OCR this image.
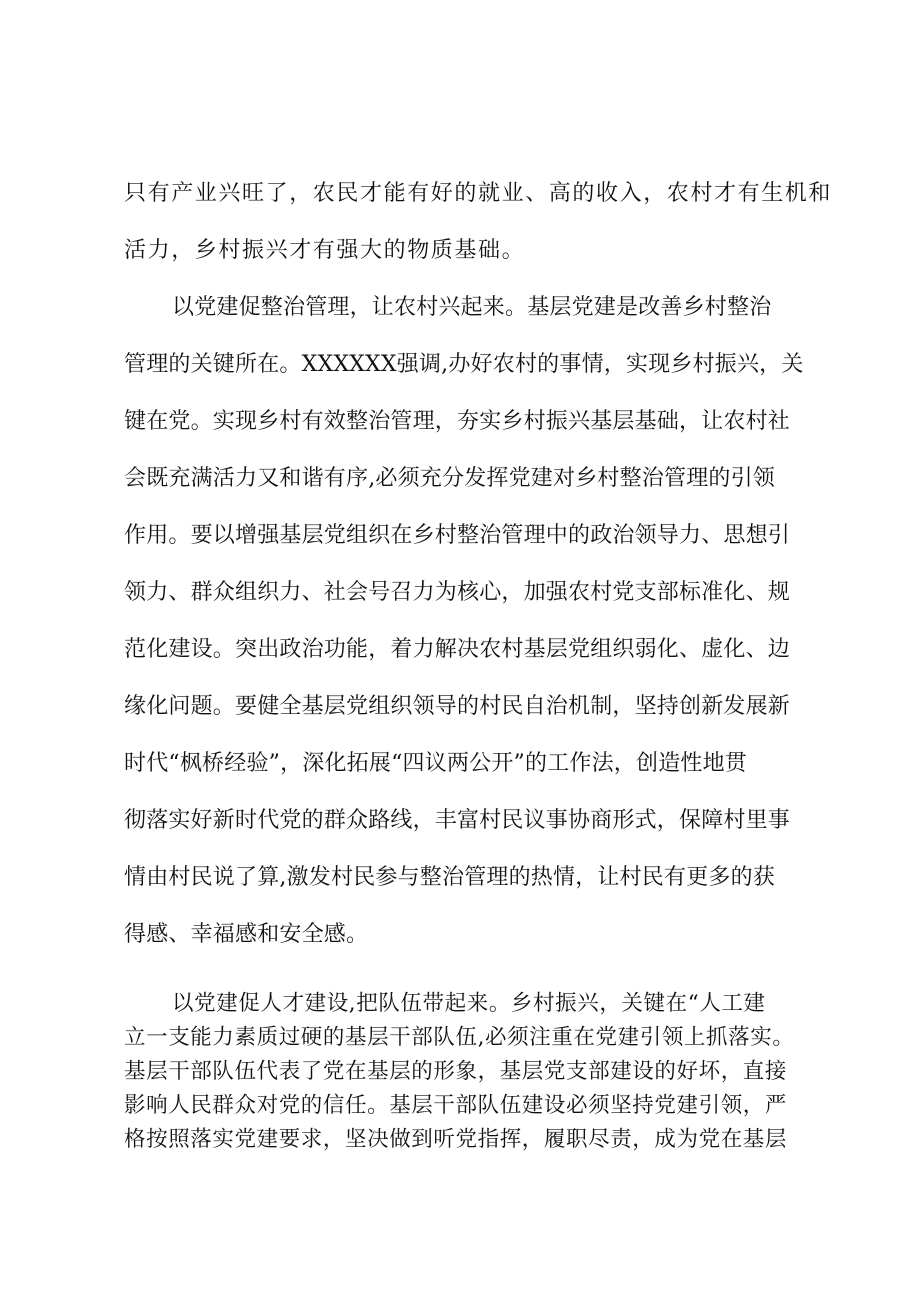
只有产业兴旺了，农民才能有好的就业、高的收入，农村才有生机和
活力，乡村振兴才有强大的物质基础。
以党建促整治管理，让农村兴起来。基层党建是改善乡村整治
管理的关键所在。XXXXXX强调,办好农村的事情，实现乡村振兴，关
键在党。实现乡村有效整治管理，夯实乡村振兴基层基础，让农村社
会既充满活力又和谐有序,必须充分发挥党建对乡村整治管理的引领
作用。要以增强基层党组织在乡村整治管理中的政治领导力、思想引
领力、群众组织力、社会号召力为核心，加强农村党支部标准化、规
范化建设。突出政治功能，着力解决农村基层党组织弱化、虚化、边
缘化问题。要健全基层党组织领导的村民自治机制，坚持创新发展新
时代“枫桥经验”，深化拓展“四议两公开”的工作法，创造性地贯
彻落实好新时代党的群众路线，丰富村民议事协商形式，保障村里事
情由村民说了算,激发村民参与整治管理的热情，让村民有更多的获
得感、幸福感和安全感。
以党建促人才建设,把队伍带起来。乡村振兴，关键在“人工建
立一支能力素质过硬的基层干部队伍,必须注重在党建引领上抓落实。
基层干部队伍代表了党在基层的形象，基层党支部建设的好坏，直接
影响人民群众对党的信任。基层干部队伍建设必须坚持党建引领，严
格按照落实党建要求，坚决做到听党指挥，履职尽责，成为党在基层
